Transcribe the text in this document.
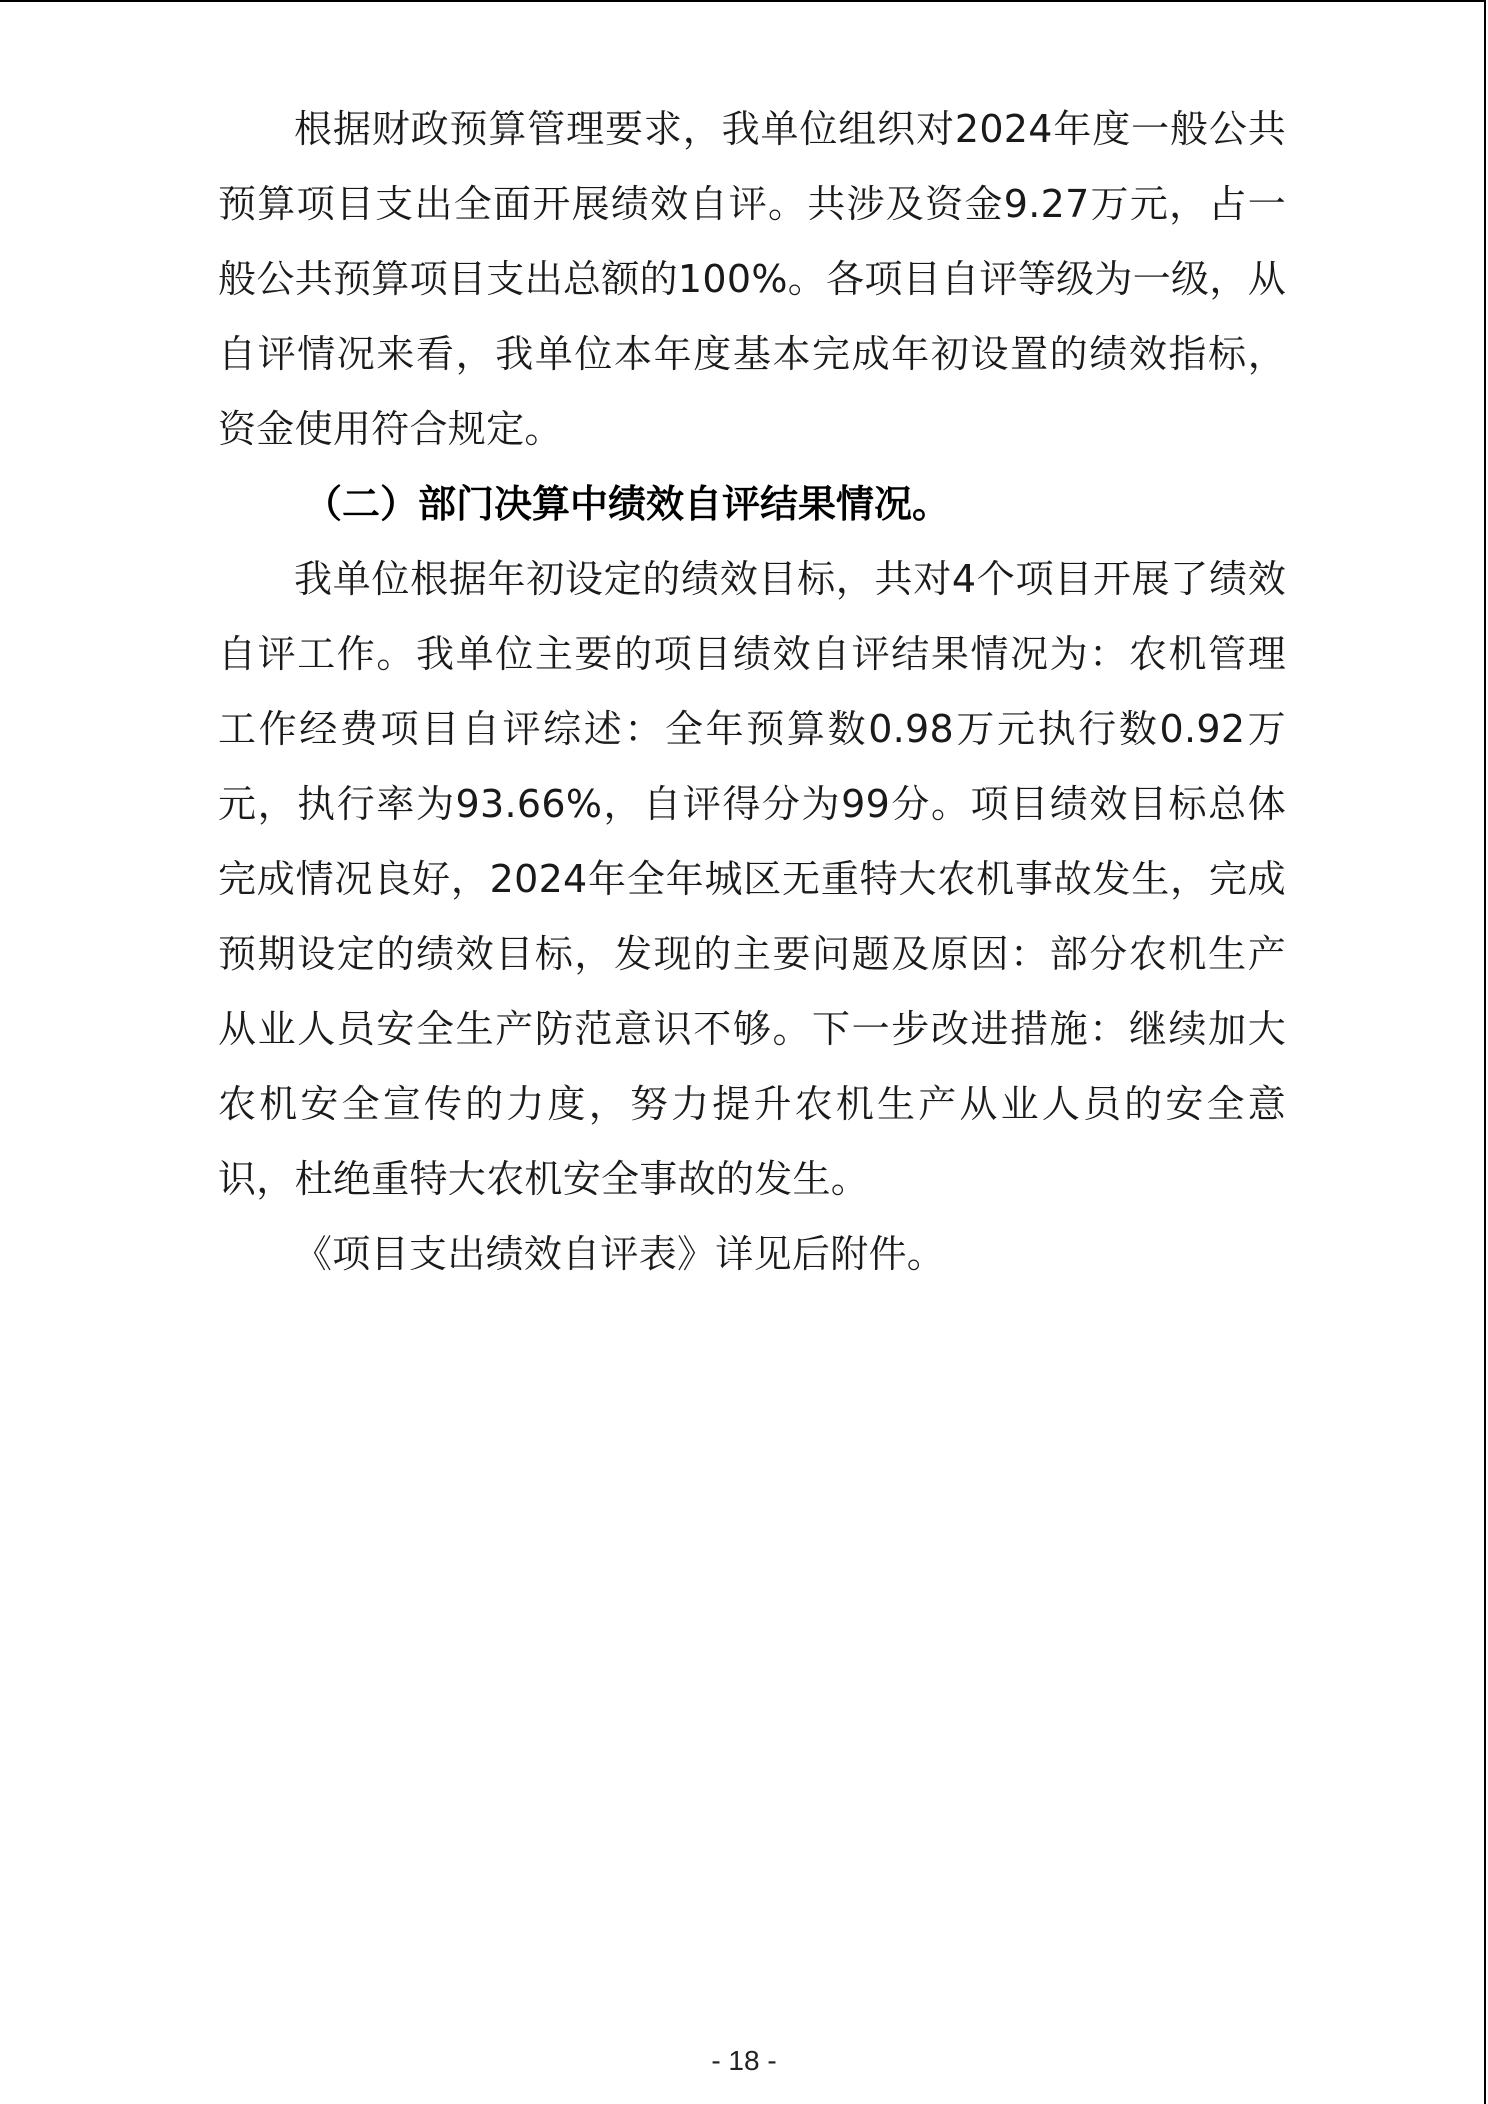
根据财政预算管理要求，我单位组织对2024年度一般公共预算项目支出全面开展绩效自评。共涉及资金9.27万元，占一般公共预算项目支出总额的100%。各项目自评等级为一级，从自评情况来看，我单位本年度基本完成年初设置的绩效指标，资金使用符合规定。

（二）部门决算中绩效自评结果情况。

我单位根据年初设定的绩效目标，共对4个项目开展了绩效自评工作。我单位主要的项目绩效自评结果情况为：农机管理工作经费项目自评综述：全年预算数0.98万元执行数0.92万元，执行率为93.66%，自评得分为99分。项目绩效目标总体完成情况良好，2024年全年城区无重特大农机事故发生，完成预期设定的绩效目标，发现的主要问题及原因：部分农机生产从业人员安全生产防范意识不够。下一步改进措施：继续加大农机安全宣传的力度，努力提升农机生产从业人员的安全意识，杜绝重特大农机安全事故的发生。

《项目支出绩效自评表》详见后附件。

- 18 -
